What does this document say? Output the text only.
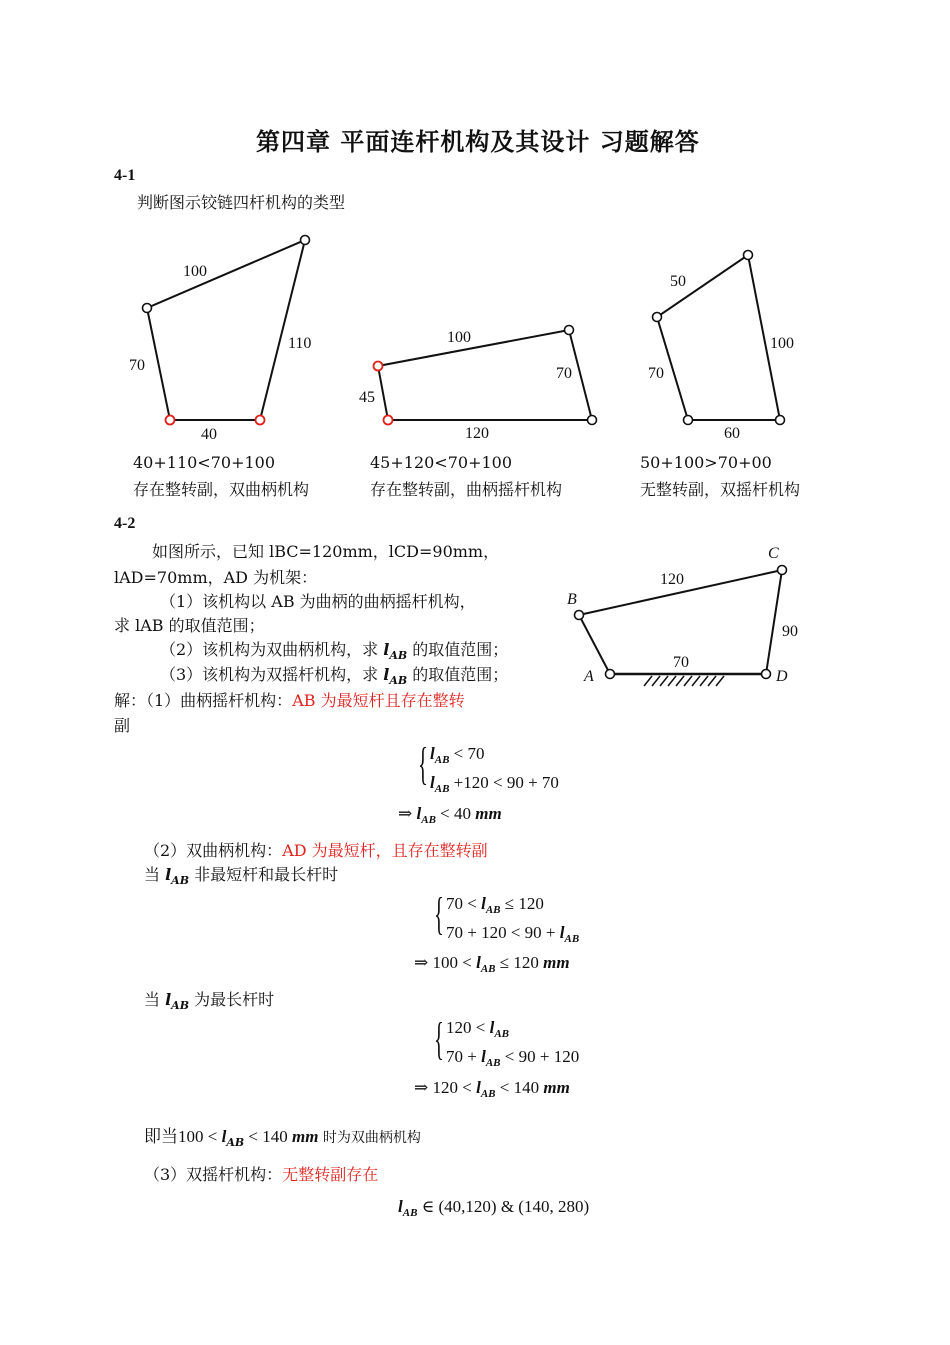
第四章 平面连杆机构及其设计 习题解答
4-1
判断图示铰链四杆机构的类型
100
110
70
40
100
70
45
120
50
100
70
60
40+110<70+100
存在整转副，双曲柄机构
45+120<70+100
存在整转副，曲柄摇杆机构
50+100>70+00
无整转副，双摇杆机构
4-2
如图所示，已知 lBC=120mm，lCD=90mm，
lAD=70mm，AD 为机架：
（1）该机构以 AB 为曲柄的曲柄摇杆机构，
求 lAB 的取值范围；
（2）该机构为双曲柄机构，求 $l_{AB}$ 的取值范围；
（3）该机构为双摇杆机构，求 $l_{AB}$ 的取值范围；
解：（1）曲柄摇杆机构：AB 为最短杆且存在整转
副
C
B
A	D
120
90
70
{ $l_{AB} < 70$
$l_{AB} +120 < 90 + 70$
⇒ $l_{AB} < 40$ mm
（2）双曲柄机构：AD 为最短杆，且存在整转副
当 $l_{AB}$ 非最短杆和最长杆时
{ $70 < l_{AB} \le 120$
$70 + 120 < 90 + l_{AB}$
⇒ $100 < l_{AB} \le 120$ mm
当 $l_{AB}$ 为最长杆时
{ $120 < l_{AB}$
$70 + l_{AB} < 90 + 120$
⇒ $120 < l_{AB} < 140$ mm
即当$100 < l_{AB} < 140$ mm 时为双曲柄机构
（3）双摇杆机构：无整转副存在
$l_{AB}$ ∈ (40,120) & (140, 280)
